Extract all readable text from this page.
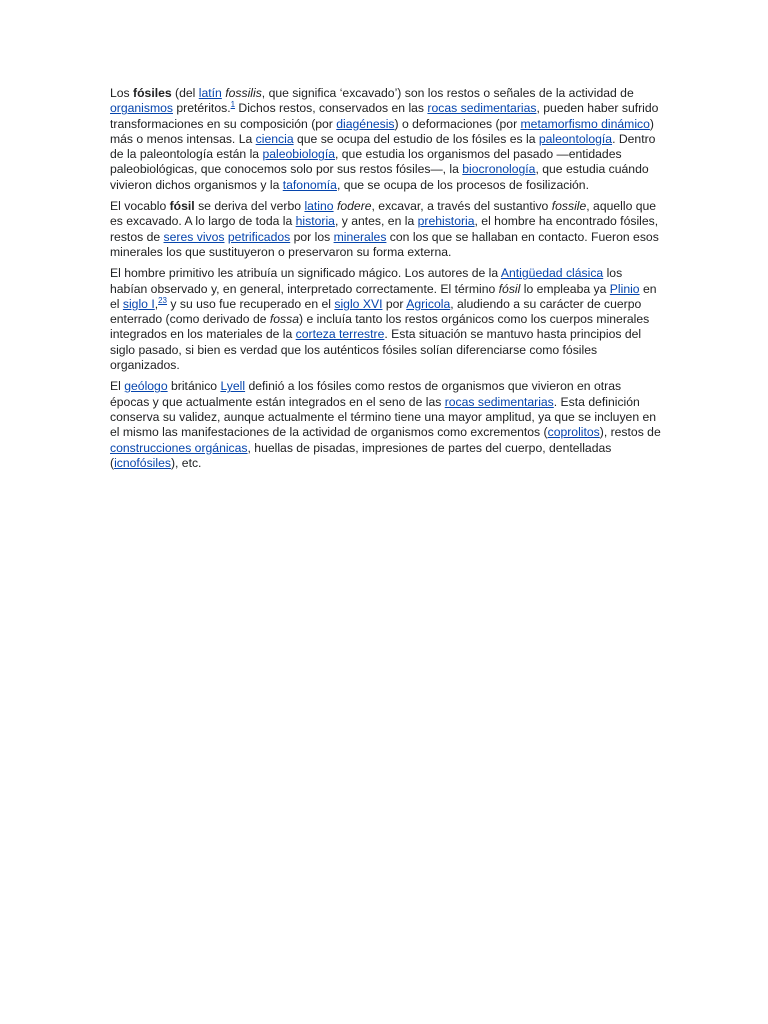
Los fósiles (del latín fossilis, que significa ‘excavado’) son los restos o señales de la actividad de organismos pretéritos.$^1$ Dichos restos, conservados en las rocas sedimentarias, pueden haber sufrido transformaciones en su composición (por diagénesis) o deformaciones (por metamorfismo dinámico) más o menos intensas. La ciencia que se ocupa del estudio de los fósiles es la paleontología. Dentro de la paleontología están la paleobiología, que estudia los organismos del pasado —entidades paleobiológicas, que conocemos solo por sus restos fósiles—, la biocronología, que estudia cuándo vivieron dichos organismos y la tafonomía, que se ocupa de los procesos de fosilización.

El vocablo fósil se deriva del verbo latino fodere, excavar, a través del sustantivo fossile, aquello que es excavado. A lo largo de toda la historia, y antes, en la prehistoria, el hombre ha encontrado fósiles, restos de seres vivos petrificados por los minerales con los que se hallaban en contacto. Fueron esos minerales los que sustituyeron o preservaron su forma externa.

El hombre primitivo les atribuía un significado mágico. Los autores de la Antigüedad clásica los habían observado y, en general, interpretado correctamente. El término fósil lo empleaba ya Plinio en el siglo I,$^{23}$ y su uso fue recuperado en el siglo XVI por Agricola, aludiendo a su carácter de cuerpo enterrado (como derivado de fossa) e incluía tanto los restos orgánicos como los cuerpos minerales integrados en los materiales de la corteza terrestre. Esta situación se mantuvo hasta principios del siglo pasado, si bien es verdad que los auténticos fósiles solían diferenciarse como fósiles organizados.

El geólogo británico Lyell definió a los fósiles como restos de organismos que vivieron en otras épocas y que actualmente están integrados en el seno de las rocas sedimentarias. Esta definición conserva su validez, aunque actualmente el término tiene una mayor amplitud, ya que se incluyen en el mismo las manifestaciones de la actividad de organismos como excrementos (coprolitos), restos de construcciones orgánicas, huellas de pisadas, impresiones de partes del cuerpo, dentelladas (icnofósiles), etc.
